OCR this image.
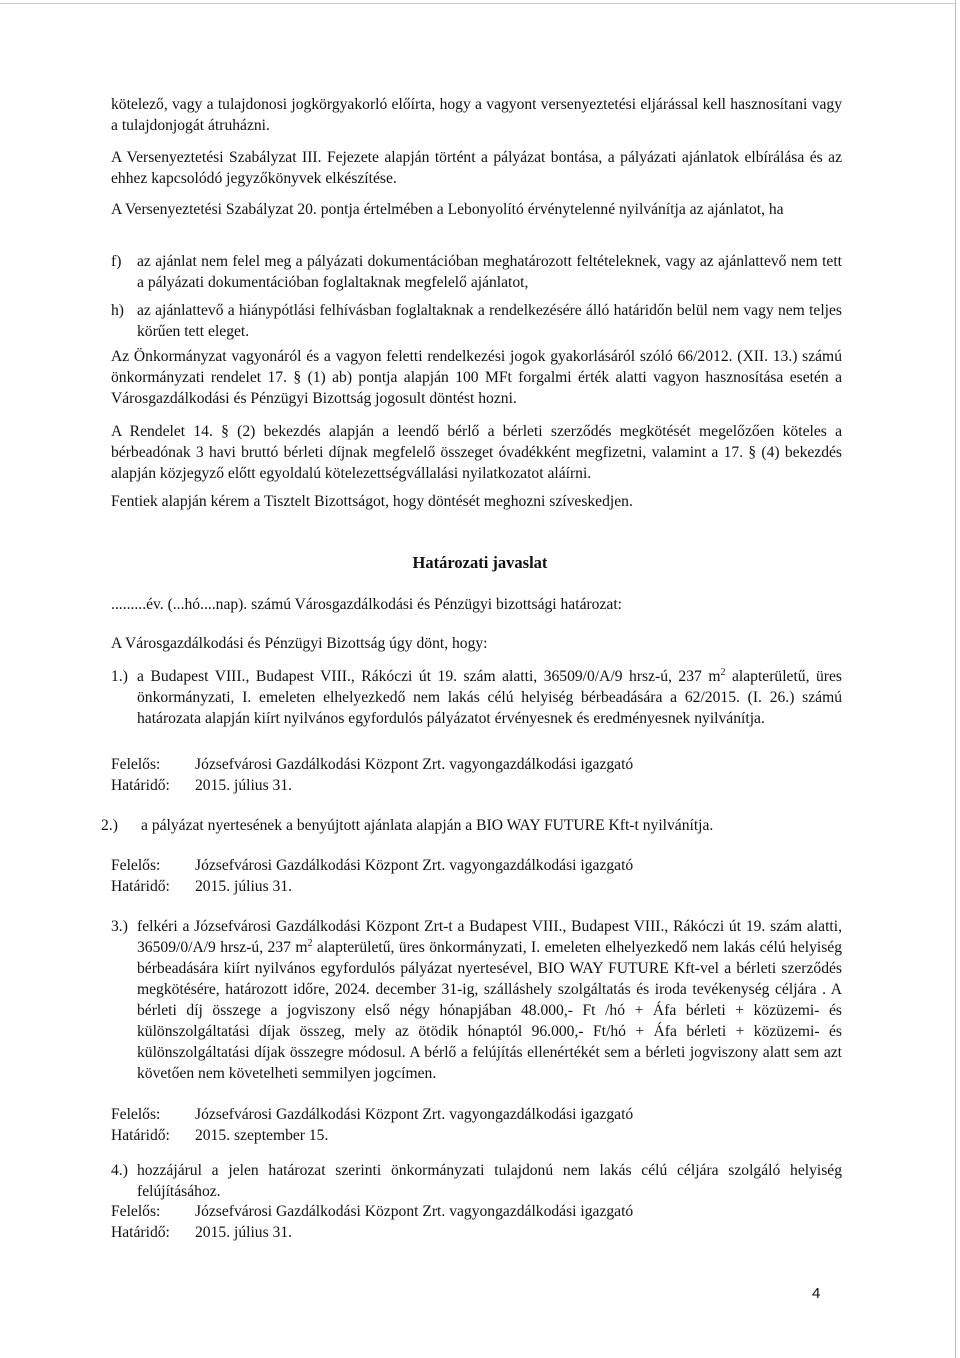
kötelező, vagy a tulajdonosi jogkörgyakorló előírta, hogy a vagyont versenyeztetési eljárással kell hasznosítani vagy a tulajdonjogát átruházni.

A Versenyeztetési Szabályzat III. Fejezete alapján történt a pályázat bontása, a pályázati ajánlatok elbírálása és az ehhez kapcsolódó jegyzőkönyvek elkészítése.

A Versenyeztetési Szabályzat 20. pontja értelmében a Lebonyolító érvénytelenné nyilvánítja az ajánlatot, ha

f) az ajánlat nem felel meg a pályázati dokumentációban meghatározott feltételeknek, vagy az ajánlattevő nem tett a pályázati dokumentációban foglaltaknak megfelelő ajánlatot,

h) az ajánlattevő a hiánypótlási felhívásban foglaltaknak a rendelkezésére álló határidőn belül nem vagy nem teljes körűen tett eleget.

Az Önkormányzat vagyonáról és a vagyon feletti rendelkezési jogok gyakorlásáról szóló 66/2012. (XII. 13.) számú önkormányzati rendelet 17. § (1) ab) pontja alapján 100 MFt forgalmi érték alatti vagyon hasznosítása esetén a Városgazdálkodási és Pénzügyi Bizottság jogosult döntést hozni.

A Rendelet 14. § (2) bekezdés alapján a leendő bérlő a bérleti szerződés megkötését megelőzően köteles a bérbeadónak 3 havi bruttó bérleti díjnak megfelelő összeget óvadékként megfizetni, valamint a 17. § (4) bekezdés alapján közjegyző előtt egyoldalú kötelezettségvállalási nyilatkozatot aláírni.

Fentiek alapján kérem a Tisztelt Bizottságot, hogy döntését meghozni szíveskedjen.

Határozati javaslat

.........év. (...hó....nap). számú Városgazdálkodási és Pénzügyi bizottsági határozat:

A Városgazdálkodási és Pénzügyi Bizottság úgy dönt, hogy:

1.) a Budapest VIII., Budapest VIII., Rákóczi út 19. szám alatti, 36509/0/A/9 hrsz-ú, 237 $m^2$ alapterületű, üres önkormányzati, I. emeleten elhelyezkedő nem lakás célú helyiség bérbeadására a 62/2015. (I. 26.) számú határozata alapján kiírt nyilvános egyfordulós pályázatot érvényesnek és eredményesnek nyilvánítja.

Felelős: Józsefvárosi Gazdálkodási Központ Zrt. vagyongazdálkodási igazgató

Határidő: 2015. július 31.

2.) a pályázat nyertesének a benyújtott ajánlata alapján a BIO WAY FUTURE Kft-t nyilvánítja.

Felelős: Józsefvárosi Gazdálkodási Központ Zrt. vagyongazdálkodási igazgató

Határidő: 2015. július 31.

3.) felkéri a Józsefvárosi Gazdálkodási Központ Zrt-t a Budapest VIII., Budapest VIII., Rákóczi út 19. szám alatti, 36509/0/A/9 hrsz-ú, 237 $m^2$ alapterületű, üres önkormányzati, I. emeleten elhelyezkedő nem lakás célú helyiség bérbeadására kiírt nyilvános egyfordulós pályázat nyertesével, BIO WAY FUTURE Kft-vel a bérleti szerződés megkötésére, határozott időre, 2024. december 31-ig, szálláshely szolgáltatás és iroda tevékenység céljára . A bérleti díj összege a jogviszony első négy hónapjában 48.000,- Ft /hó + Áfa bérleti + közüzemi- és különszolgáltatási díjak összeg, mely az ötödik hónaptól 96.000,- Ft/hó + Áfa bérleti + közüzemi- és különszolgáltatási díjak összegre módosul. A bérlő a felújítás ellenértékét sem a bérleti jogviszony alatt sem azt követően nem követelheti semmilyen jogcímen.

Felelős: Józsefvárosi Gazdálkodási Központ Zrt. vagyongazdálkodási igazgató

Határidő: 2015. szeptember 15.

4.) hozzájárul a jelen határozat szerinti önkormányzati tulajdonú nem lakás célú céljára szolgáló helyiség felújításához.

Felelős: Józsefvárosi Gazdálkodási Központ Zrt. vagyongazdálkodási igazgató

Határidő: 2015. július 31.

4
